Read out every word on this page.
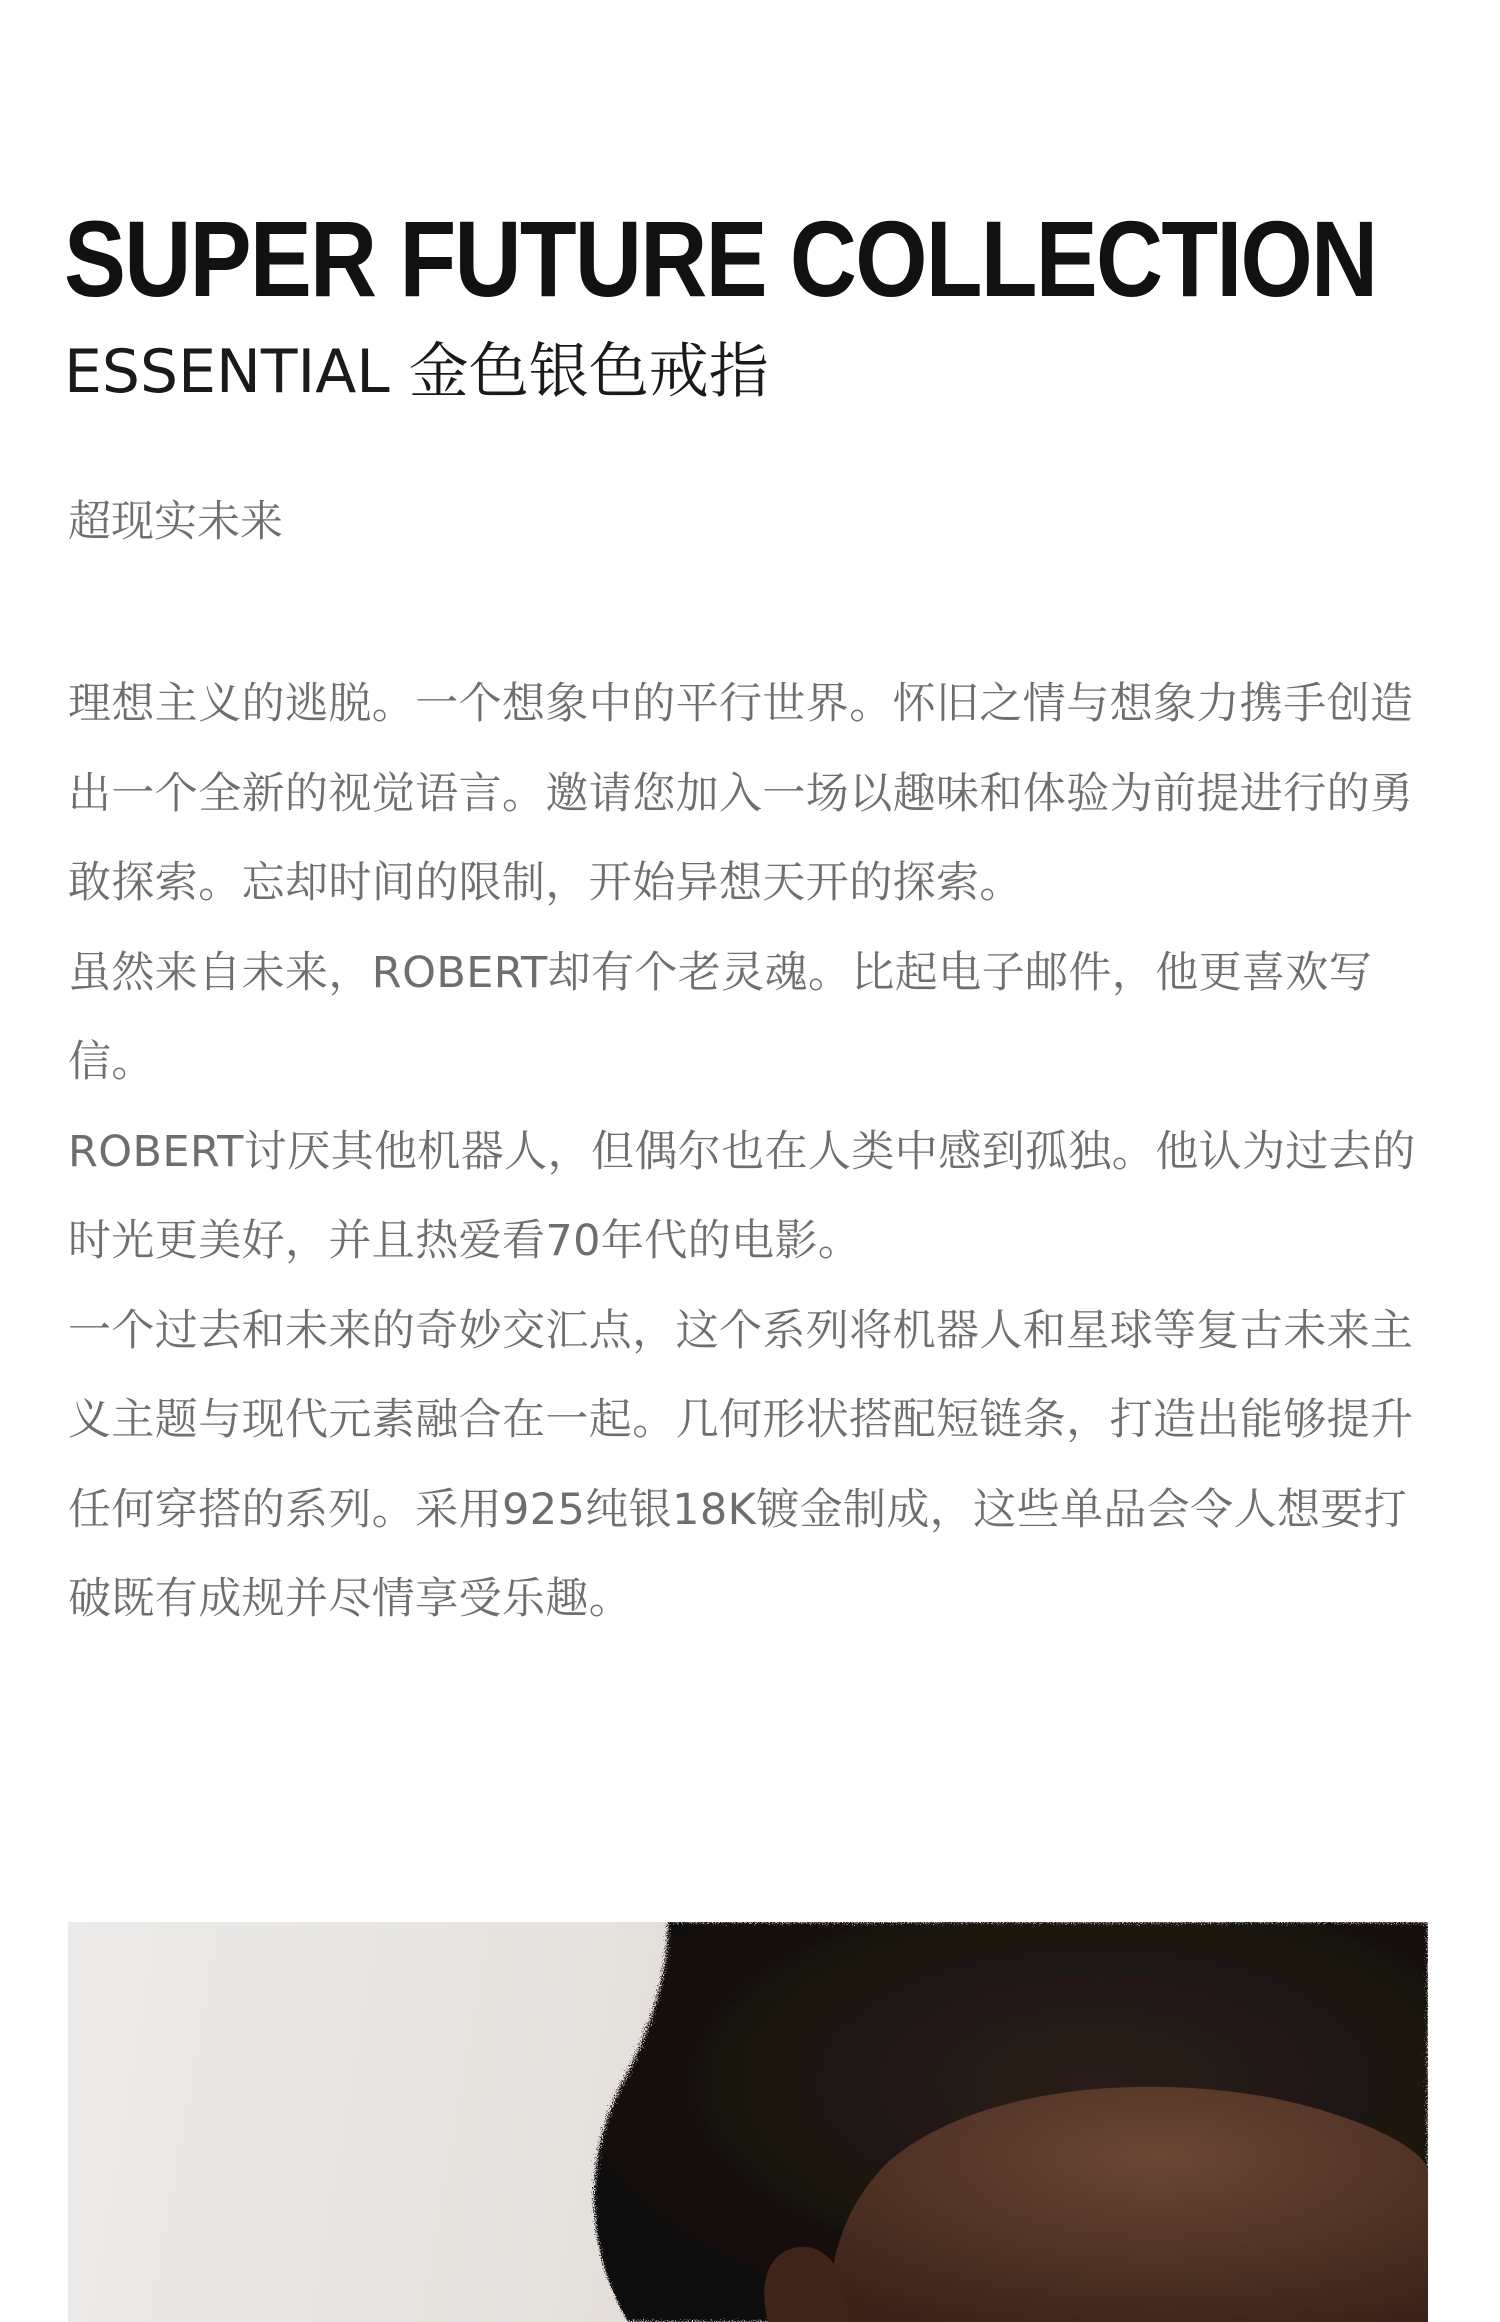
SUPER FUTURE COLLECTION
ESSENTIAL 金色银色戒指
超现实未来

理想主义的逃脱。一个想象中的平行世界。怀旧之情与想象力携手创造出一个全新的视觉语言。邀请您加入一场以趣味和体验为前提进行的勇敢探索。忘却时间的限制，开始异想天开的探索。

虽然来自未来，ROBERT却有个老灵魂。比起电子邮件，他更喜欢写信。

ROBERT讨厌其他机器人，但偶尔也在人类中感到孤独。他认为过去的时光更美好，并且热爱看70年代的电影。

一个过去和未来的奇妙交汇点，这个系列将机器人和星球等复古未来主义主题与现代元素融合在一起。几何形状搭配短链条，打造出能够提升任何穿搭的系列。采用925纯银18K镀金制成，这些单品会令人想要打破既有成规并尽情享受乐趣。
